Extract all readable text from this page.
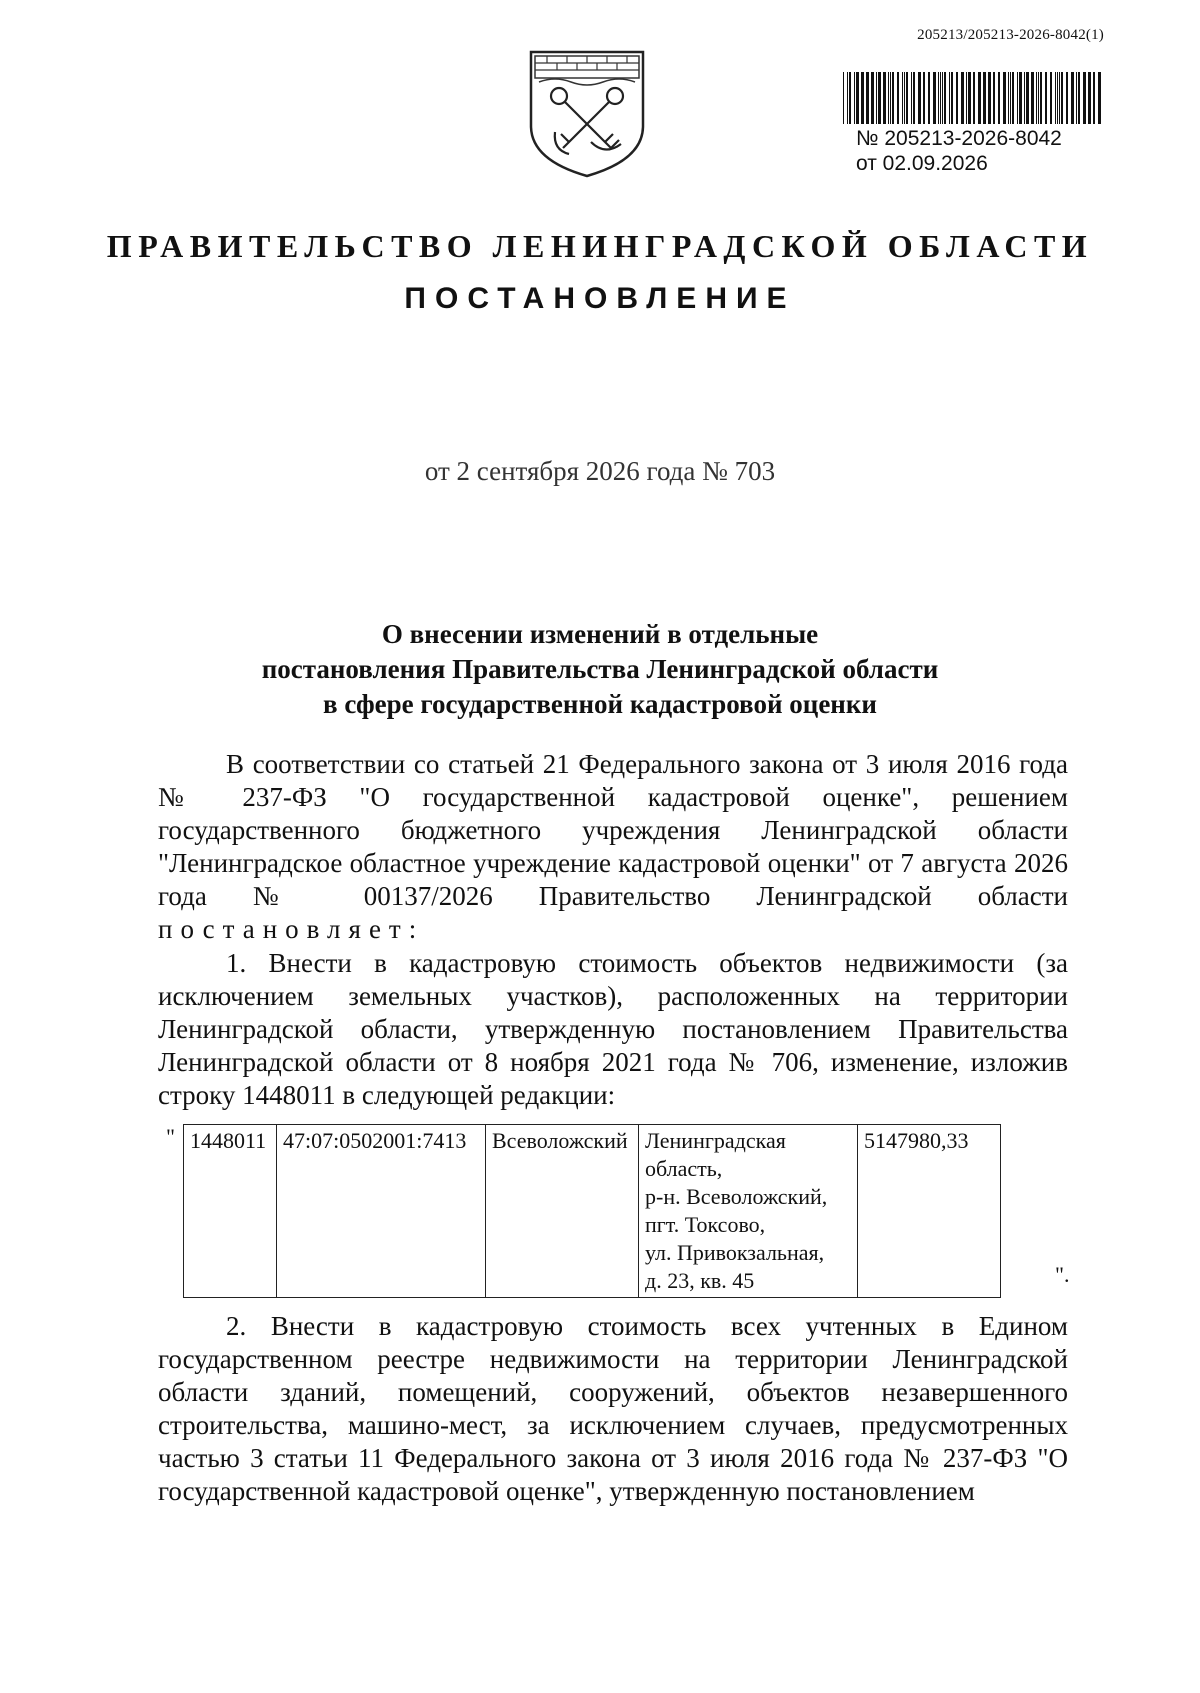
205213/205213-2026-8042(1)
№ 205213-2026-8042
от 02.09.2026
ПРАВИТЕЛЬСТВО ЛЕНИНГРАДСКОЙ ОБЛАСТИ
ПОСТАНОВЛЕНИЕ
от 2 сентября 2026 года № 703
О внесении изменений в отдельные
постановления Правительства Ленинградской области
в сфере государственной кадастровой оценки
В соответствии со статьей 21 Федерального закона от 3 июля 2016 года № 237-ФЗ "О государственной кадастровой оценке", решением государственного бюджетного учреждения Ленинградской области "Ленинградское областное учреждение кадастровой оценки" от 7 августа 2026 года № 00137/2026 Правительство Ленинградской области постановляет:
1. Внести в кадастровую стоимость объектов недвижимости (за исключением земельных участков), расположенных на территории Ленинградской области, утвержденную постановлением Правительства Ленинградской области от 8 ноября 2021 года № 706, изменение, изложив строку 1448011 в следующей редакции:
" 1448011	47:07:0502001:7413	Всеволожский	Ленинградская
область,
р-н. Всеволожский,
пгт. Токсово,
ул. Привокзальная,
д. 23, кв. 45
	5147980,33
".
2. Внести в кадастровую стоимость всех учтенных в Едином государственном реестре недвижимости на территории Ленинградской области зданий, помещений, сооружений, объектов незавершенного строительства, машино-мест, за исключением случаев, предусмотренных частью 3 статьи 11 Федерального закона от 3 июля 2016 года № 237-ФЗ "О государственной кадастровой оценке", утвержденную постановлением
